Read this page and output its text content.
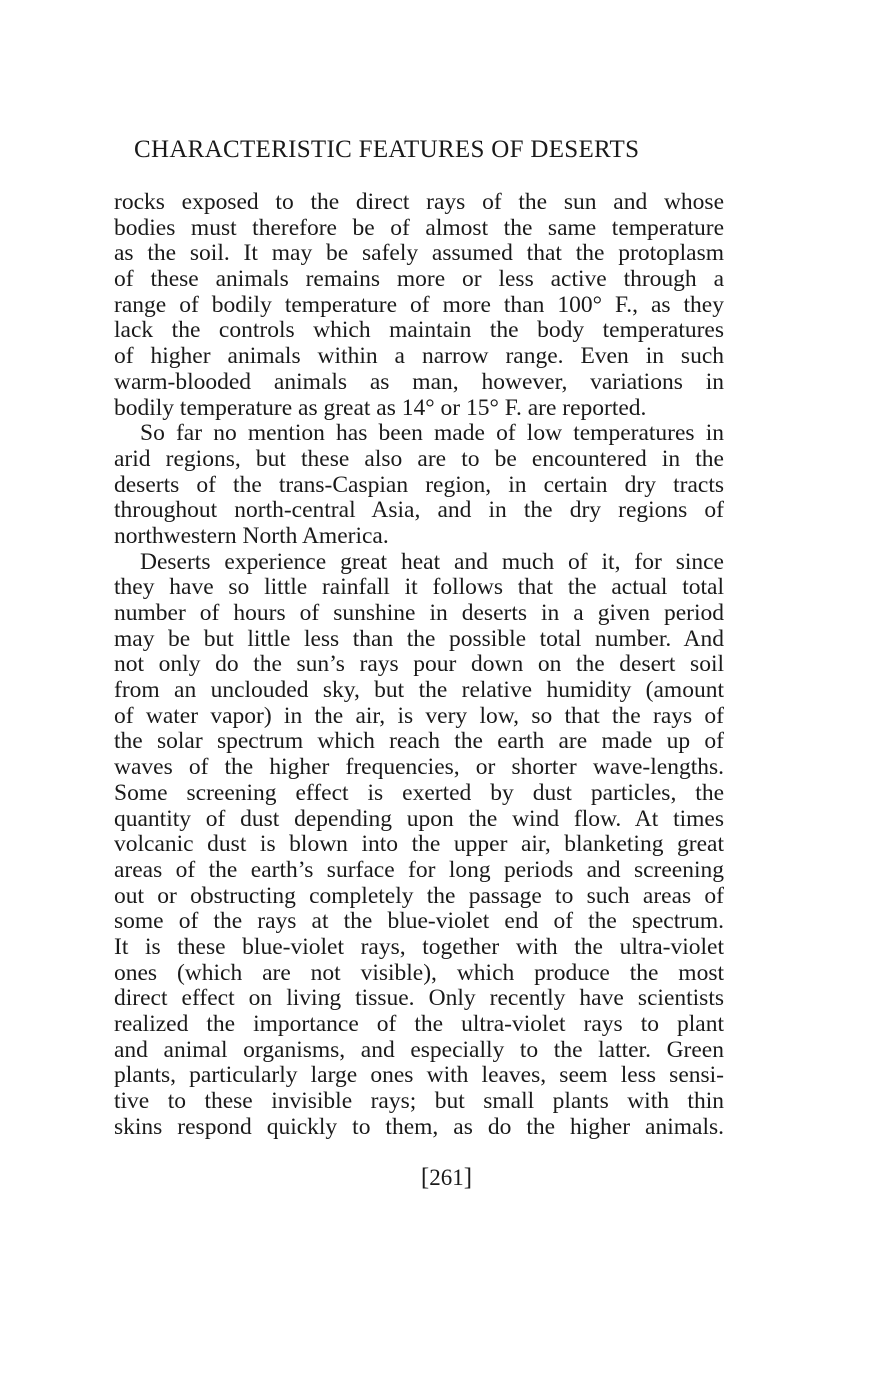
CHARACTERISTIC FEATURES OF DESERTS
rocks exposed to the direct rays of the sun and whose
bodies must therefore be of almost the same temperature
as the soil. It may be safely assumed that the protoplasm
of these animals remains more or less active through a
range of bodily temperature of more than 100° F., as they
lack the controls which maintain the body temperatures
of higher animals within a narrow range. Even in such
warm-blooded animals as man, however, variations in
bodily temperature as great as 14° or 15° F. are reported.
So far no mention has been made of low temperatures in
arid regions, but these also are to be encountered in the
deserts of the trans-Caspian region, in certain dry tracts
throughout north-central Asia, and in the dry regions of
northwestern North America.
Deserts experience great heat and much of it, for since
they have so little rainfall it follows that the actual total
number of hours of sunshine in deserts in a given period
may be but little less than the possible total number. And
not only do the sun’s rays pour down on the desert soil
from an unclouded sky, but the relative humidity (amount
of water vapor) in the air, is very low, so that the rays of
the solar spectrum which reach the earth are made up of
waves of the higher frequencies, or shorter wave-lengths.
Some screening effect is exerted by dust particles, the
quantity of dust depending upon the wind flow. At times
volcanic dust is blown into the upper air, blanketing great
areas of the earth’s surface for long periods and screening
out or obstructing completely the passage to such areas of
some of the rays at the blue-violet end of the spectrum.
It is these blue-violet rays, together with the ultra-violet
ones (which are not visible), which produce the most
direct effect on living tissue. Only recently have scientists
realized the importance of the ultra-violet rays to plant
and animal organisms, and especially to the latter. Green
plants, particularly large ones with leaves, seem less sensi-
tive to these invisible rays; but small plants with thin
skins respond quickly to them, as do the higher animals.
[261]
